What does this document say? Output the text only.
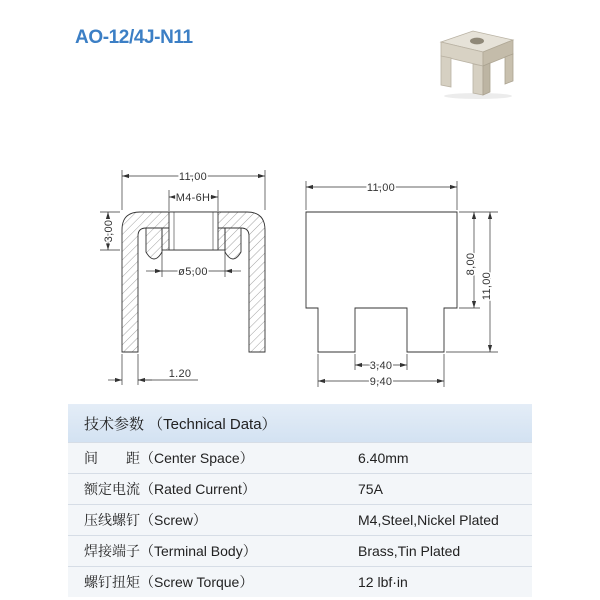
AO-12/4J-N11
11,00
M4-6H
3,00
ø5,00
1.20
11,00
8,00
11,00
3,40
9,40
技术参数 （Technical Data）
间　　距（Center Space）	6.40mm
额定电流（Rated Current）	75A
压线螺钉（Screw）	M4,Steel,Nickel Plated
焊接端子（Terminal Body）	Brass,Tin Plated
螺钉扭矩（Screw Torque）	12 lbf·in
